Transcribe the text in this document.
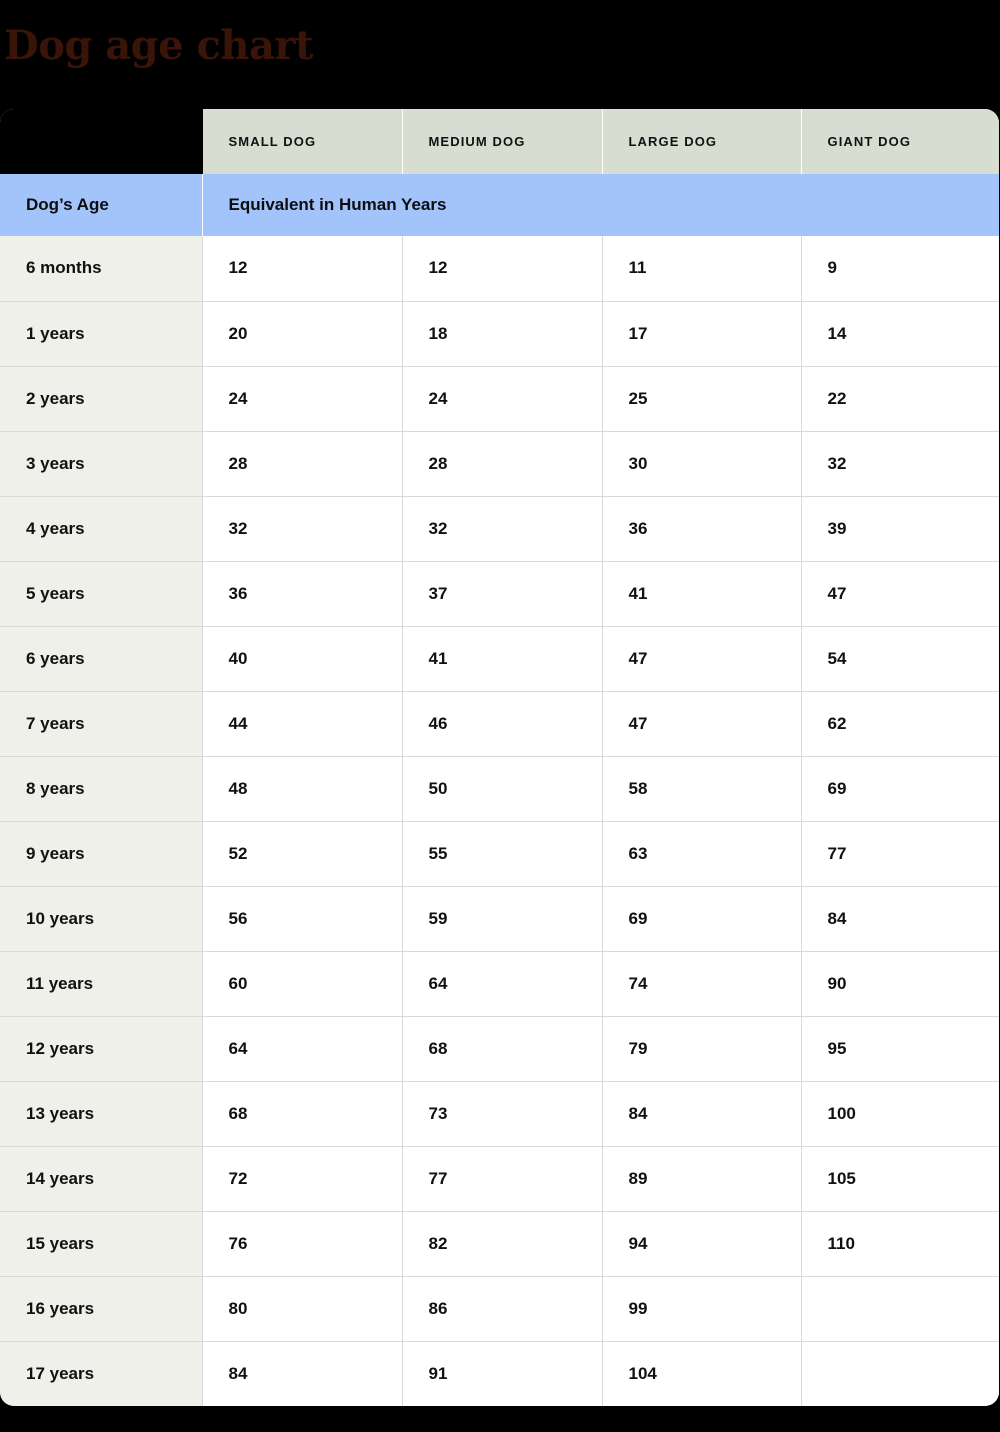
Dog age chart
	SMALL DOG	MEDIUM DOG	LARGE DOG	GIANT DOG
Dog’s Age	Equivalent in Human Years			
6 months	12	12	11	9
1 years	20	18	17	14
2 years	24	24	25	22
3 years	28	28	30	32
4 years	32	32	36	39
5 years	36	37	41	47
6 years	40	41	47	54
7 years	44	46	47	62
8 years	48	50	58	69
9 years	52	55	63	77
10 years	56	59	69	84
11 years	60	64	74	90
12 years	64	68	79	95
13 years	68	73	84	100
14 years	72	77	89	105
15 years	76	82	94	110
16 years	80	86	99	
17 years	84	91	104	
